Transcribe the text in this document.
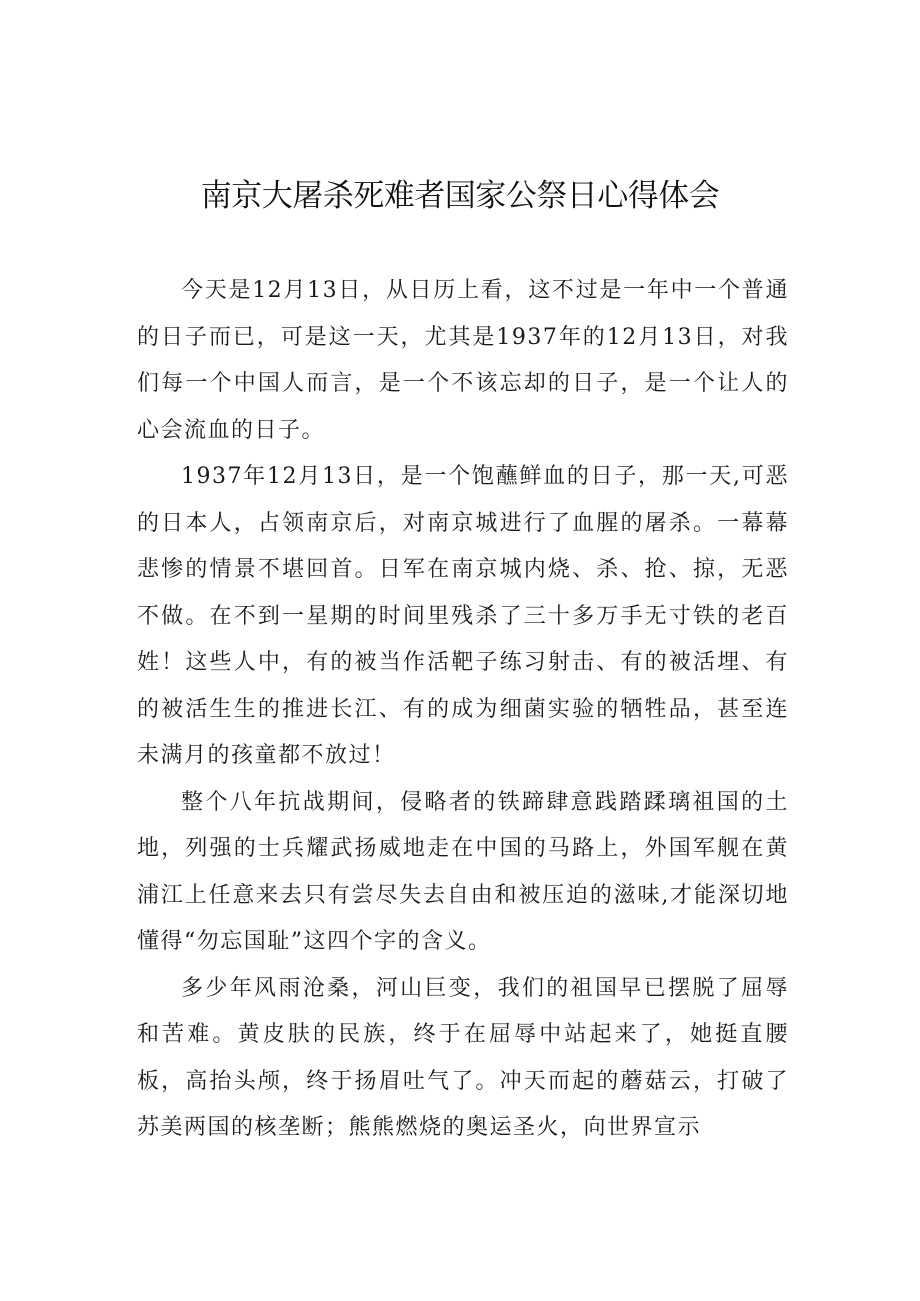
南京大屠杀死难者国家公祭日心得体会

今天是12月13日，从日历上看，这不过是一年中一个普通的日子而已，可是这一天，尤其是1937年的12月13日，对我们每一个中国人而言，是一个不该忘却的日子，是一个让人的心会流血的日子。

1937年12月13日，是一个饱蘸鲜血的日子，那一天,可恶的日本人，占领南京后，对南京城进行了血腥的屠杀。一幕幕悲惨的情景不堪回首。日军在南京城内烧、杀、抢、掠，无恶不做。在不到一星期的时间里残杀了三十多万手无寸铁的老百姓！这些人中，有的被当作活靶子练习射击、有的被活埋、有的被活生生的推进长江、有的成为细菌实验的牺牲品，甚至连未满月的孩童都不放过！

整个八年抗战期间，侵略者的铁蹄肆意践踏蹂璃祖国的土地，列强的士兵耀武扬威地走在中国的马路上，外国军舰在黄浦江上任意来去只有尝尽失去自由和被压迫的滋味,才能深切地懂得“勿忘国耻”这四个字的含义。

多少年风雨沧桑，河山巨变，我们的祖国早已摆脱了屈辱和苦难。黄皮肤的民族，终于在屈辱中站起来了，她挺直腰板，高抬头颅，终于扬眉吐气了。冲天而起的蘑菇云，打破了苏美两国的核垄断；熊熊燃烧的奥运圣火，向世界宣示
